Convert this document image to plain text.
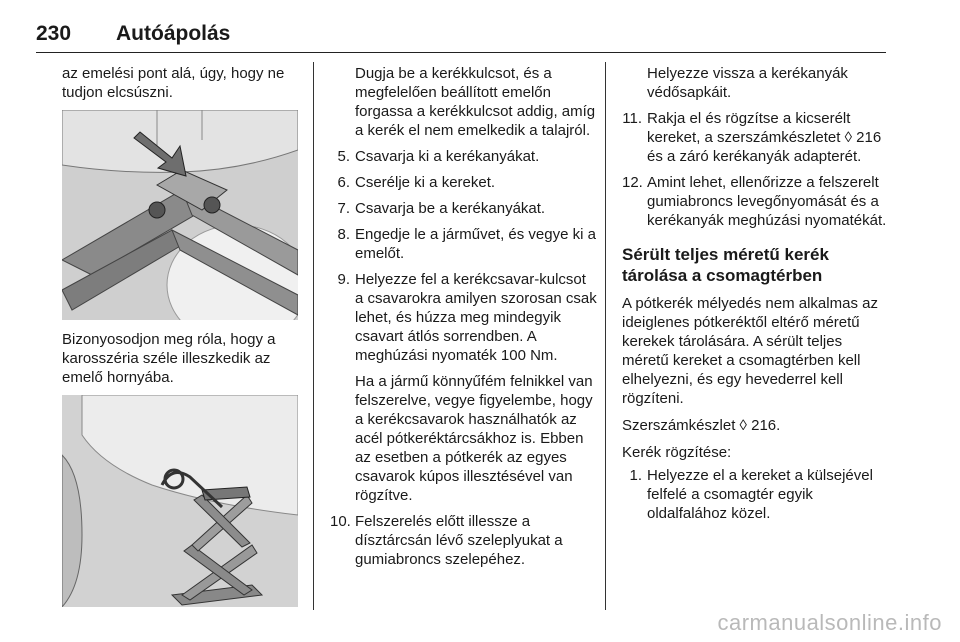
230 Autóápolás

az emelési pont alá, úgy, hogy ne tudjon elcsúszni.

Bizonyosodjon meg róla, hogy a karosszéria széle illeszkedik az emelő hornyába.

Dugja be a kerékkulcsot, és a megfelelően beállított emelőn forgassa a kerékkulcsot addig, amíg a kerék el nem emelkedik a talajról.
5. Csavarja ki a kerékanyákat.
6. Cserélje ki a kereket.
7. Csavarja be a kerékanyákat.
8. Engedje le a járművet, és vegye ki a emelőt.
9. Helyezze fel a kerékcsavar-kulcsot a csavarokra amilyen szorosan csak lehet, és húzza meg mindegyik csavart átlós sorrendben. A meghúzási nyomaték 100 Nm.
Ha a jármű könnyűfém felnikkel van felszerelve, vegye figyelembe, hogy a kerékcsavarok használhatók az acél pótkeréktárcsákhoz is. Ebben az esetben a pótkerék az egyes csavarok kúpos illesztésével van rögzítve.
10. Felszerelés előtt illessze a dísztárcsán lévő szeleplyukat a gumiabroncs szelepéhez.
Helyezze vissza a kerékanyák védősapkáit.
11. Rakja el és rögzítse a kicserélt kereket, a szerszámkészletet ◊ 216 és a záró kerékanyák adapterét.
12. Amint lehet, ellenőrizze a felszerelt gumiabroncs levegőnyomását és a kerékanyák meghúzási nyomatékát.
Sérült teljes méretű kerék tárolása a csomagtérben

A pótkerék mélyedés nem alkalmas az ideiglenes pótkeréktől eltérő méretű kerekek tárolására. A sérült teljes méretű kereket a csomagtérben kell elhelyezni, és egy hevederrel kell rögzíteni.

Szerszámkészlet ◊ 216.

Kerék rögzítése:

1. Helyezze el a kereket a külsejével felfelé a csomagtér egyik oldalfalához közel.
carmanualsonline.info
